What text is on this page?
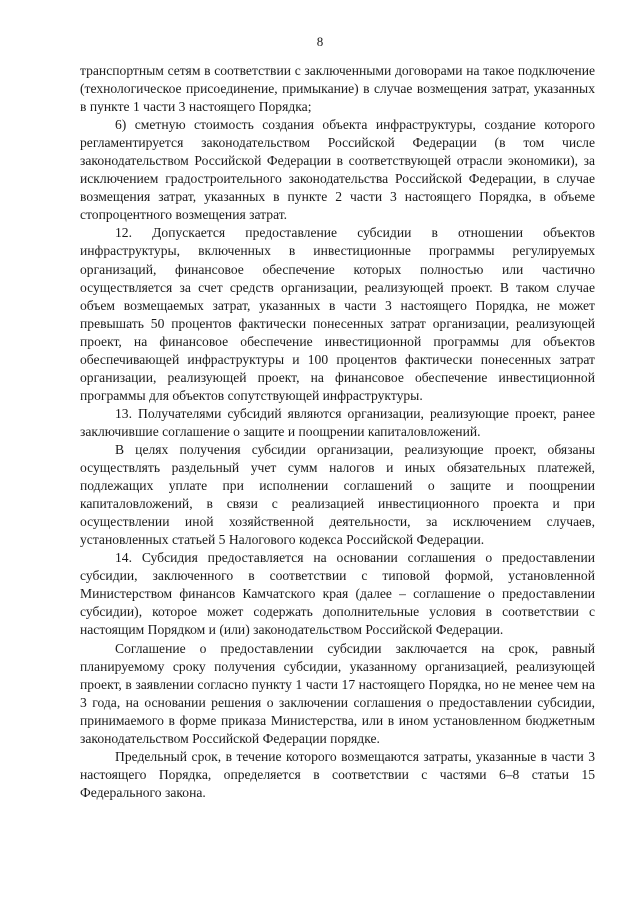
8

транспортным сетям в соответствии с заключенными договорами на такое подключение (технологическое присоединение, примыкание) в случае возмещения затрат, указанных в пункте 1 части 3 настоящего Порядка;

6) сметную стоимость создания объекта инфраструктуры, создание которого регламентируется законодательством Российской Федерации (в том числе законодательством Российской Федерации в соответствующей отрасли экономики), за исключением градостроительного законодательства Российской Федерации, в случае возмещения затрат, указанных в пункте 2 части 3 настоящего Порядка, в объеме стопроцентного возмещения затрат.

12. Допускается предоставление субсидии в отношении объектов инфраструктуры, включенных в инвестиционные программы регулируемых организаций, финансовое обеспечение которых полностью или частично осуществляется за счет средств организации, реализующей проект. В таком случае объем возмещаемых затрат, указанных в части 3 настоящего Порядка, не может превышать 50 процентов фактически понесенных затрат организации, реализующей проект, на финансовое обеспечение инвестиционной программы для объектов обеспечивающей инфраструктуры и 100 процентов фактически понесенных затрат организации, реализующей проект, на финансовое обеспечение инвестиционной программы для объектов сопутствующей инфраструктуры.

13. Получателями субсидий являются организации, реализующие проект, ранее заключившие соглашение о защите и поощрении капиталовложений.

В целях получения субсидии организации, реализующие проект, обязаны осуществлять раздельный учет сумм налогов и иных обязательных платежей, подлежащих уплате при исполнении соглашений о защите и поощрении капиталовложений, в связи с реализацией инвестиционного проекта и при осуществлении иной хозяйственной деятельности, за исключением случаев, установленных статьей 5 Налогового кодекса Российской Федерации.

14. Субсидия предоставляется на основании соглашения о предоставлении субсидии, заключенного в соответствии с типовой формой, установленной Министерством финансов Камчатского края (далее – соглашение о предоставлении субсидии), которое может содержать дополнительные условия в соответствии с настоящим Порядком и (или) законодательством Российской Федерации.

Соглашение о предоставлении субсидии заключается на срок, равный планируемому сроку получения субсидии, указанному организацией, реализующей проект, в заявлении согласно пункту 1 части 17 настоящего Порядка, но не менее чем на 3 года, на основании решения о заключении соглашения о предоставлении субсидии, принимаемого в форме приказа Министерства, или в ином установленном бюджетным законодательством Российской Федерации порядке.

Предельный срок, в течение которого возмещаются затраты, указанные в части 3 настоящего Порядка, определяется в соответствии с частями 6–8 статьи 15 Федерального закона.
